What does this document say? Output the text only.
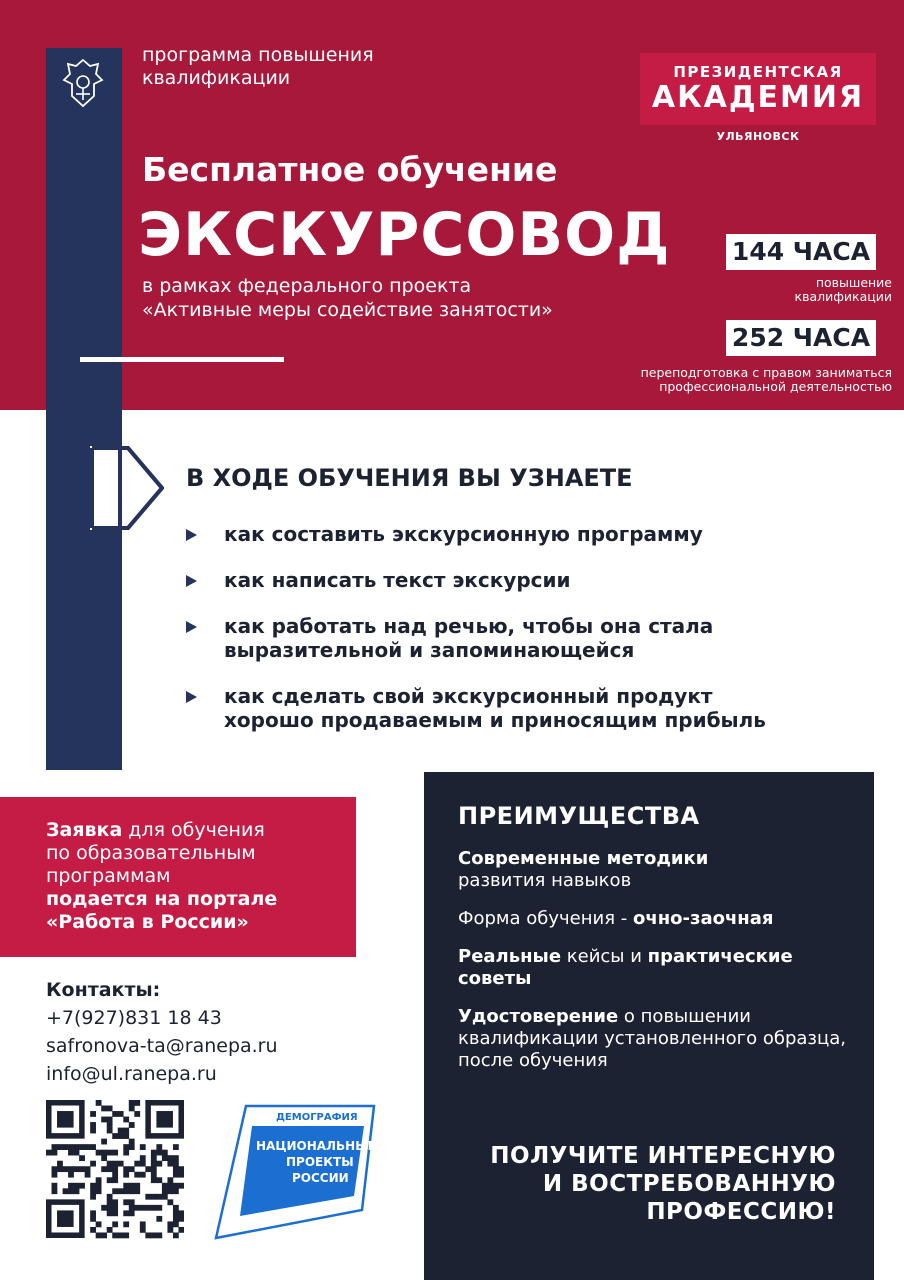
программа повышения
квалификации	ПРЕЗИДЕНТСКАЯ
АКАДЕМИЯ
УЛЬЯНОВСК
Бесплатное обучение
ЭКСКУРСОВОД
в рамках федерального проекта
«Активные меры содействие занятости»
144 ЧАСА
повышение
квалификации
252 ЧАСА
переподготовка с правом заниматься
профессиональной деятельностью
В ХОДЕ ОБУЧЕНИЯ ВЫ УЗНАЕТЕ
как составить экскурсионную программу
как написать текст экскурсии
как работать над речью, чтобы она стала
выразительной и запоминающейся
как сделать свой экскурсионный продукт
хорошо продаваемым и приносящим прибыль
Заявка для обучения
по образовательным
программам
подается на портале
«Работа в России»
Контакты:
+7(927)831 18 43
safronova-ta@ranepa.ru
info@ul.ranepa.ru
ДЕМОГРАФИЯ
НАЦИОНАЛЬНЫЕ
ПРОЕКТЫ
РОССИИ
ПРЕИМУЩЕСТВА
Современные методики
развития навыков
Форма обучения - очно-заочная
Реальные кейсы и практические советы
Удостоверение о повышении квалификации установленного образца, после обучения
ПОЛУЧИТЕ ИНТЕРЕСНУЮ
И ВОСТРЕБОВАННУЮ
ПРОФЕССИЮ!
